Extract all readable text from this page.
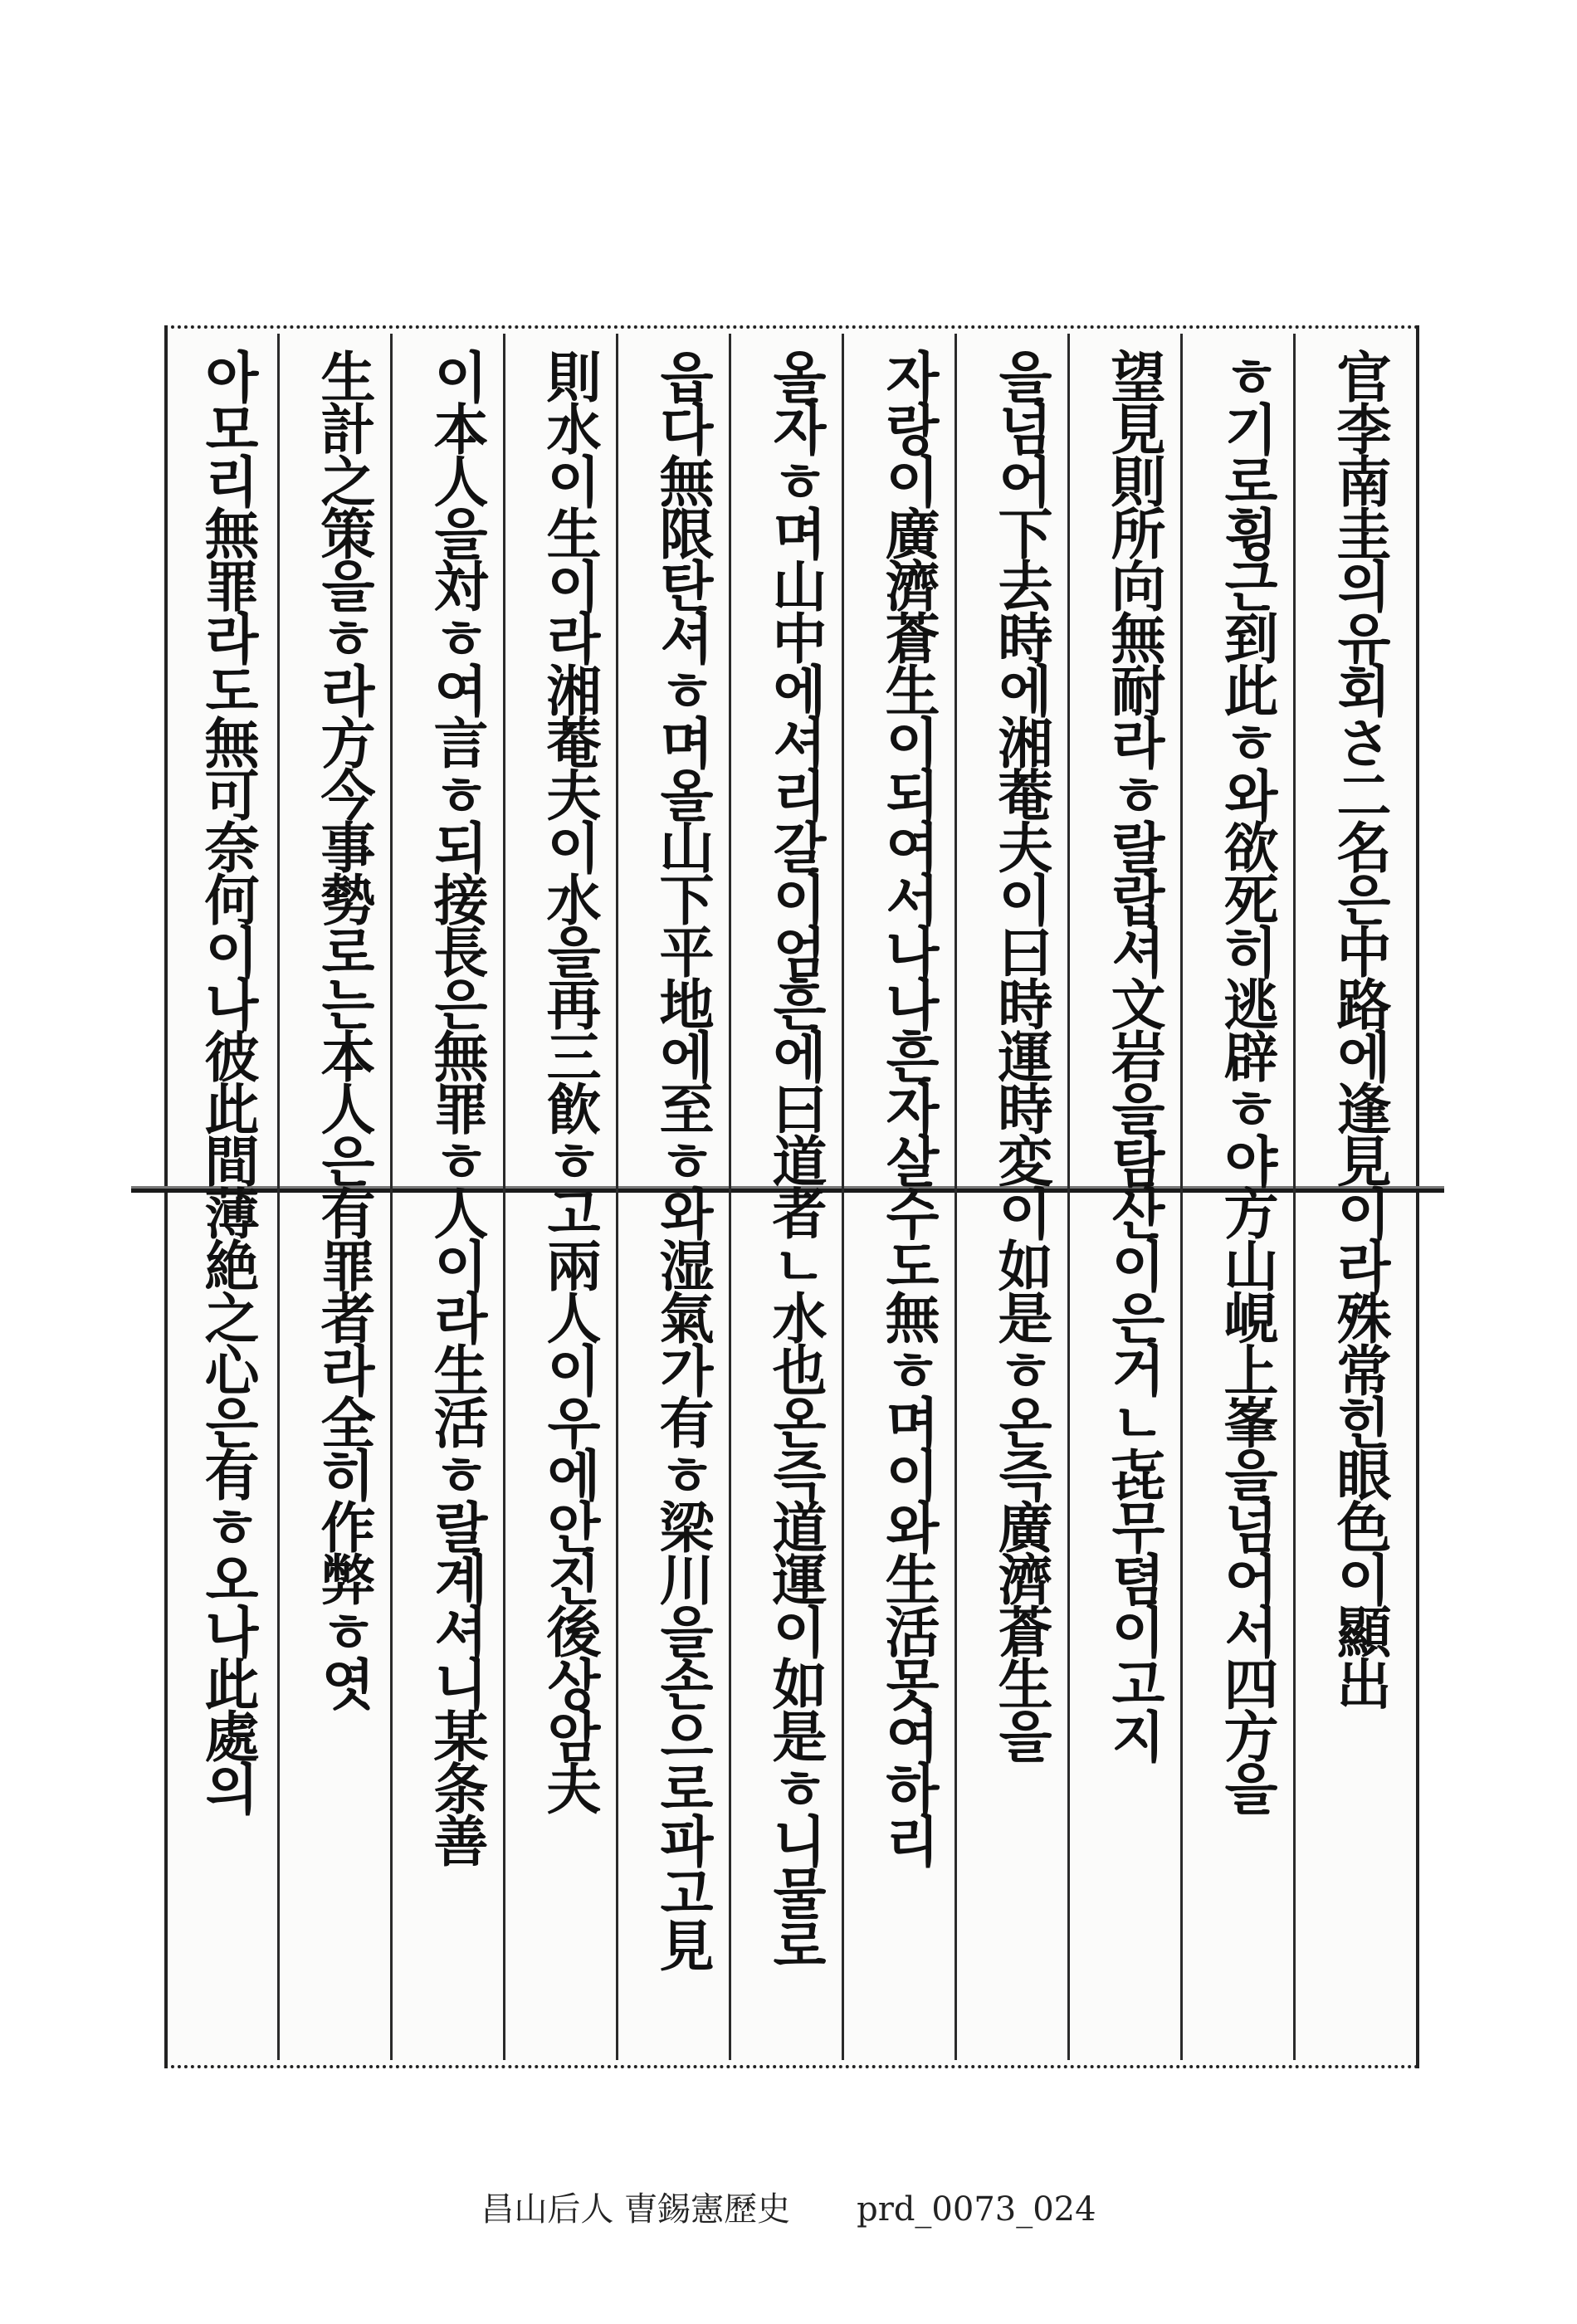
官李南圭의유회さ二名은中路에逢見이라殊常힌眼色이顯出
ㅎ기로휭근到此ㅎ와欲死히逃辟ㅎ야方山峴上峯을넘어서四方을
望見則所向無耐라ㅎ랄랍셔文岩을탐산이은거ㄴ㐂무텸이고지
을넘어下去時에湘菴夫이曰時運時変이如是ㅎ온즉廣濟蒼生을
자랑이廣濟蒼生이되여서나나흔자살수도無ㅎ며이와生活못여하리
올자ㅎ며山中에셔리갈이엄흔에曰道者ㄴ水也온즉道運이如是ㅎ니물로
읍다無限탄셔ㅎ며올山下平地에至ㅎ와湿氣가有ㅎ梁川을손으로파고見
則水이生이라湘菴夫이水을再三飮ㅎ고兩人이우에안진後상암夫
이本人을対ㅎ여言ㅎ되接長은無罪ㅎ人이라生活ㅎ랄계셔니某条善
生計之策을ㅎ라方今事勢로는本人은有罪者라全히作弊ㅎ엿
아모리無罪라도無可奈何이나彼此間薄絶之心은有ㅎ오나此處의
昌山后人 曺錫憲歷史　　prd_0073_024
